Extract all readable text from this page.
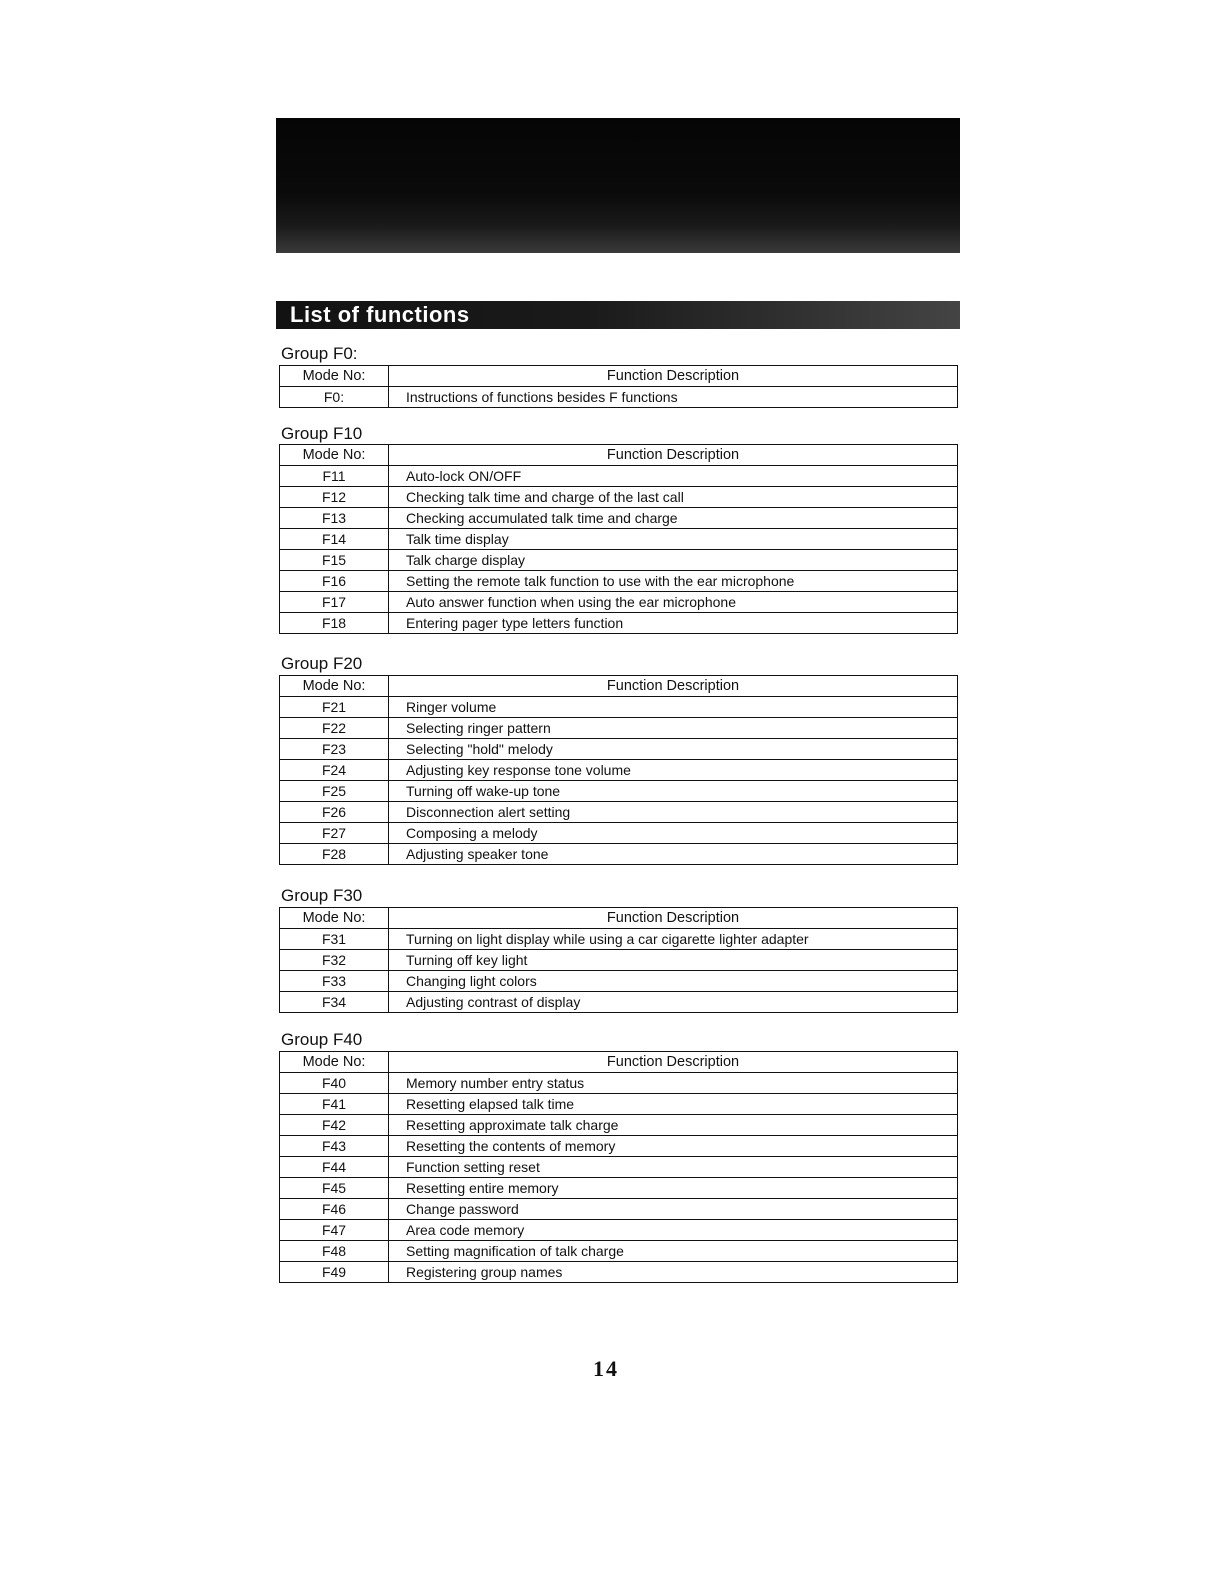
List of functions
Group F0:
Mode No:	Function Description
F0:	Instructions of functions besides F functions
Group F10
Mode No:	Function Description
F11	Auto-lock ON/OFF
F12	Checking talk time and charge of the last call
F13	Checking accumulated talk time and charge
F14	Talk time display
F15	Talk charge display
F16	Setting the remote talk function to use with the ear microphone
F17	Auto answer function when using the ear microphone
F18	Entering pager type letters function
Group F20
Mode No:	Function Description
F21	Ringer volume
F22	Selecting ringer pattern
F23	Selecting "hold" melody
F24	Adjusting key response tone volume
F25	Turning off wake-up tone
F26	Disconnection alert setting
F27	Composing a melody
F28	Adjusting speaker tone
Group F30
Mode No:	Function Description
F31	Turning on light display while using a car cigarette lighter adapter
F32	Turning off key light
F33	Changing light colors
F34	Adjusting contrast of display
Group F40
Mode No:	Function Description
F40	Memory number entry status
F41	Resetting elapsed talk time
F42	Resetting approximate talk charge
F43	Resetting the contents of memory
F44	Function setting reset
F45	Resetting entire memory
F46	Change password
F47	Area code memory
F48	Setting magnification of talk charge
F49	Registering group names
14
